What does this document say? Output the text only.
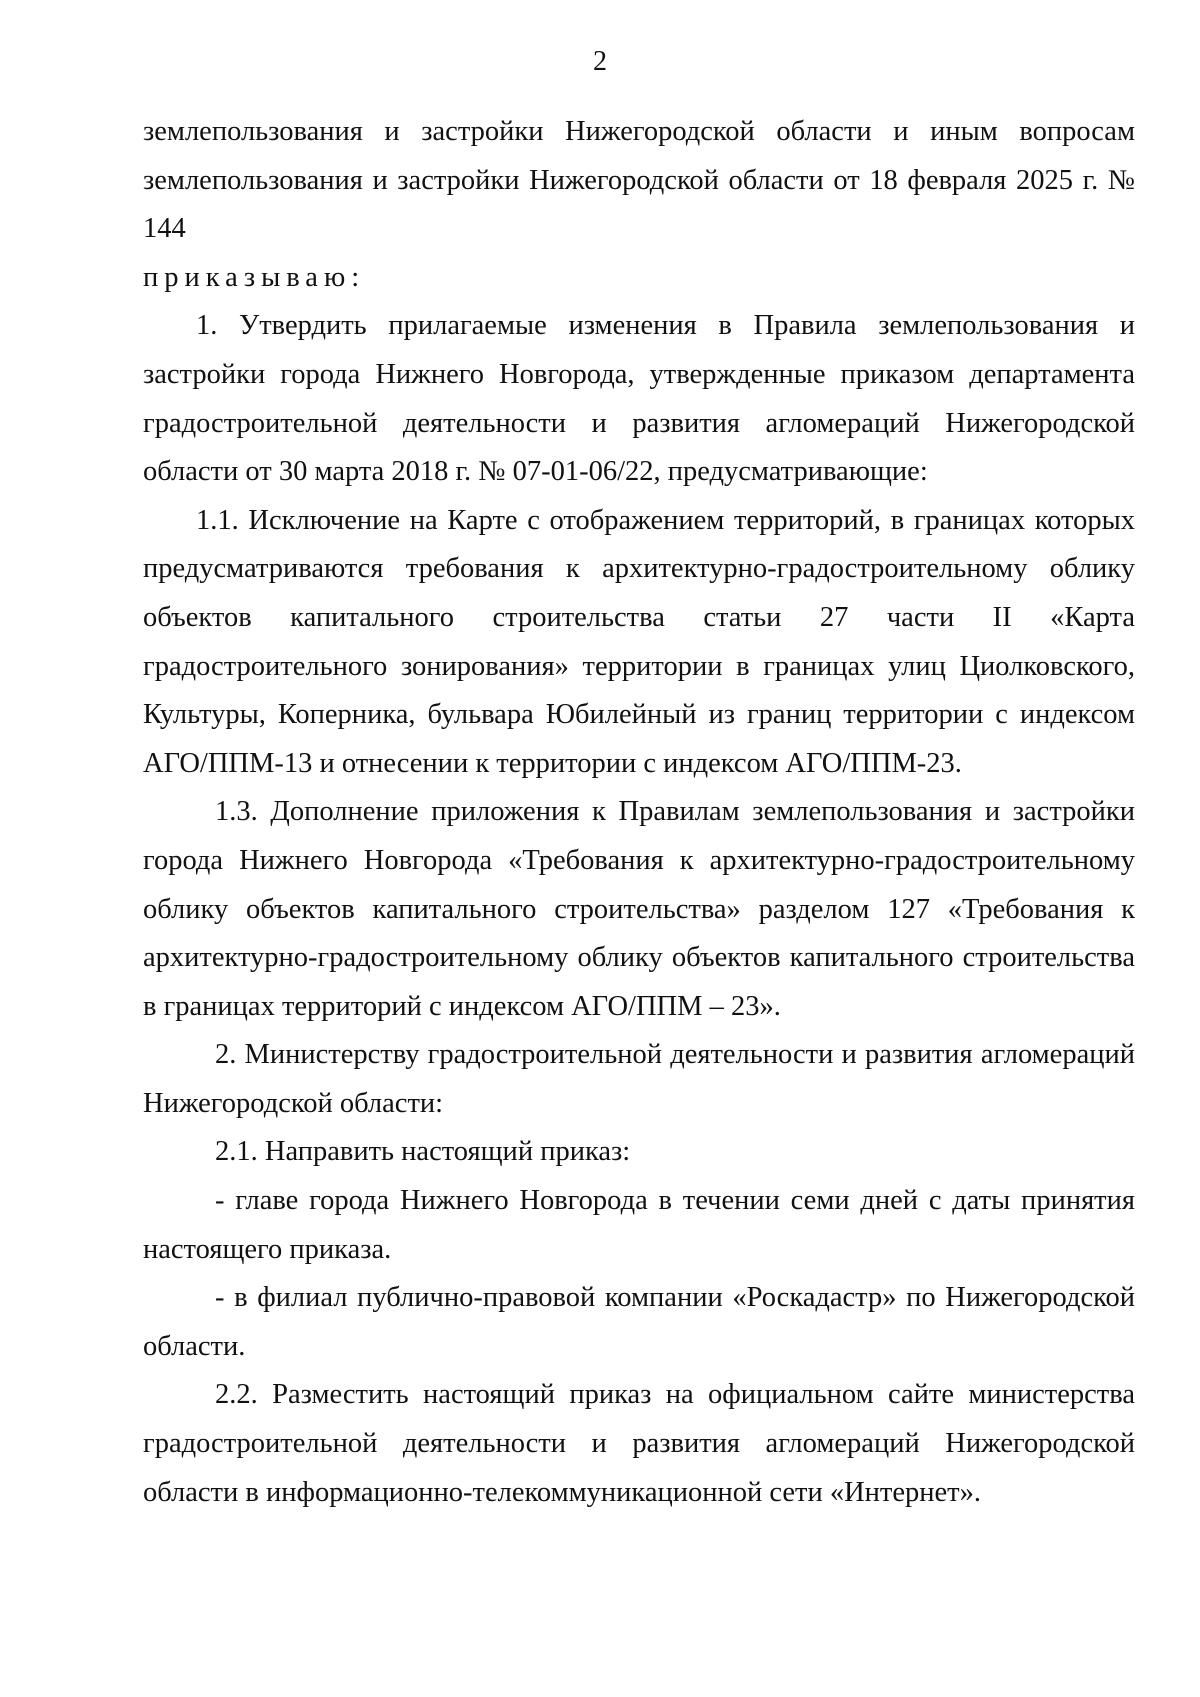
2

землепользования и застройки Нижегородской области и иным вопросам землепользования и застройки Нижегородской области от 18 февраля 2025 г. № 144

приказываю:

1. Утвердить прилагаемые изменения в Правила землепользования и застройки города Нижнего Новгорода, утвержденные приказом департамента градостроительной деятельности и развития агломераций Нижегородской области от 30 марта 2018 г. № 07-01-06/22, предусматривающие:

1.1. Исключение на Карте с отображением территорий, в границах которых предусматриваются требования к архитектурно-градостроительному облику объектов капитального строительства статьи 27 части II «Карта градостроительного зонирования» территории в границах улиц Циолковского, Культуры, Коперника, бульвара Юбилейный из границ территории с индексом АГО/ППМ-13 и отнесении к территории с индексом АГО/ППМ-23.

1.3. Дополнение приложения к Правилам землепользования и застройки города Нижнего Новгорода «Требования к архитектурно-градостроительному облику объектов капитального строительства» разделом 127 «Требования к архитектурно-градостроительному облику объектов капитального строительства в границах территорий с индексом АГО/ППМ – 23».

2. Министерству градостроительной деятельности и развития агломераций Нижегородской области:

2.1. Направить настоящий приказ:

- главе города Нижнего Новгорода в течении семи дней с даты принятия настоящего приказа.

- в филиал публично-правовой компании «Роскадастр» по Нижегородской области.

2.2. Разместить настоящий приказ на официальном сайте министерства градостроительной деятельности и развития агломераций Нижегородской области в информационно-телекоммуникационной сети «Интернет».
